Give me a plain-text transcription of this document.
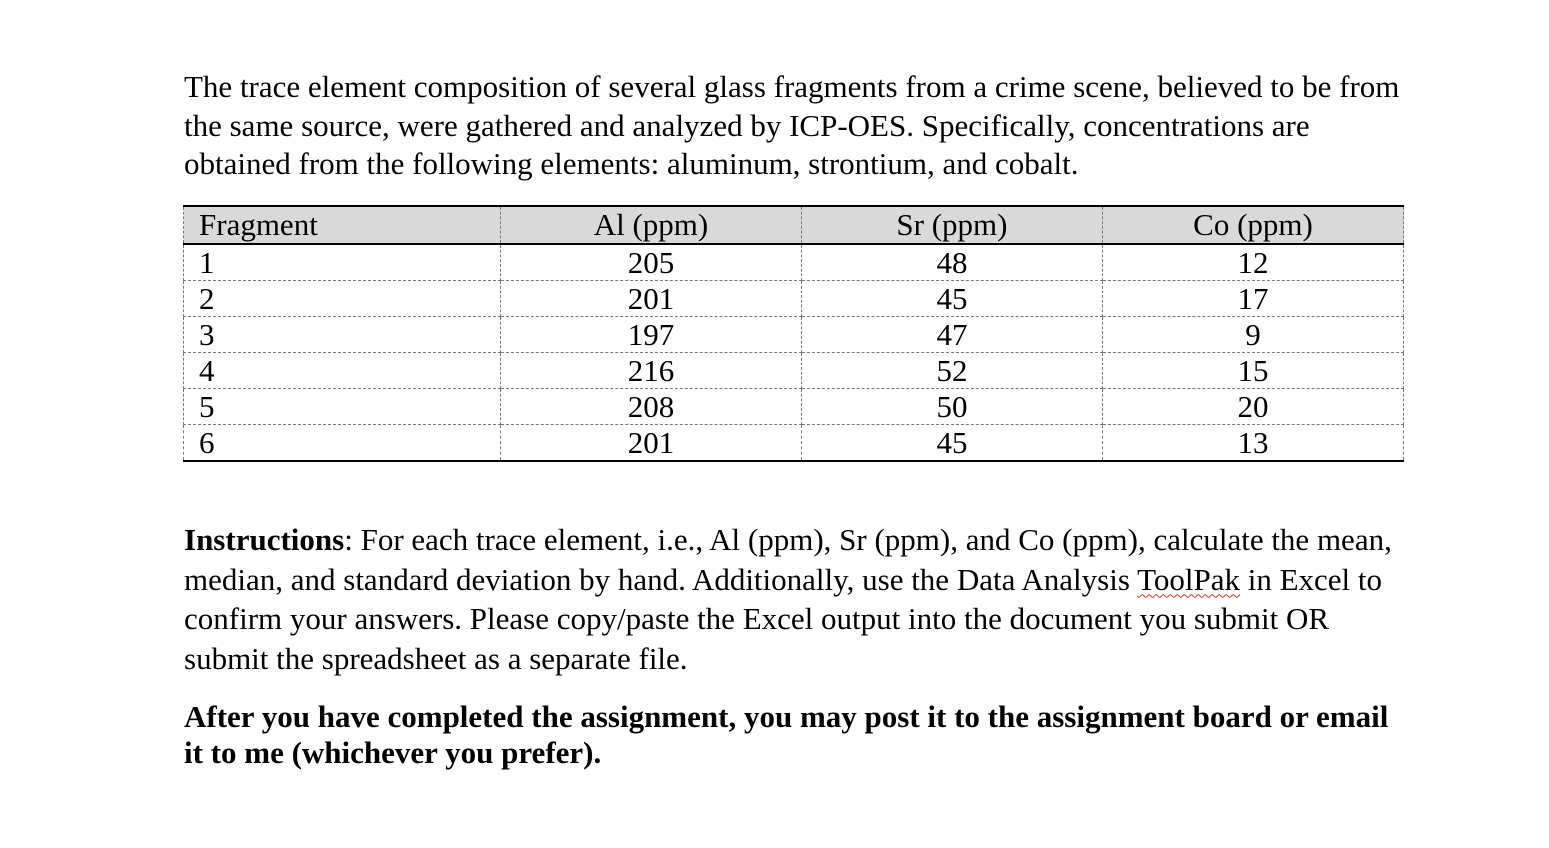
The trace element composition of several glass fragments from a crime scene, believed to be from the same source, were gathered and analyzed by ICP-OES. Specifically, concentrations are obtained from the following elements: aluminum, strontium, and cobalt.

Fragment	Al (ppm)	Sr (ppm)	Co (ppm)
1	205	48	12
2	201	45	17
3	197	47	9
4	216	52	15
5	208	50	20
6	201	45	13

Instructions: For each trace element, i.e., Al (ppm), Sr (ppm), and Co (ppm), calculate the mean, median, and standard deviation by hand. Additionally, use the Data Analysis ToolPak in Excel to confirm your answers. Please copy/paste the Excel output into the document you submit OR submit the spreadsheet as a separate file.

After you have completed the assignment, you may post it to the assignment board or email it to me (whichever you prefer).
